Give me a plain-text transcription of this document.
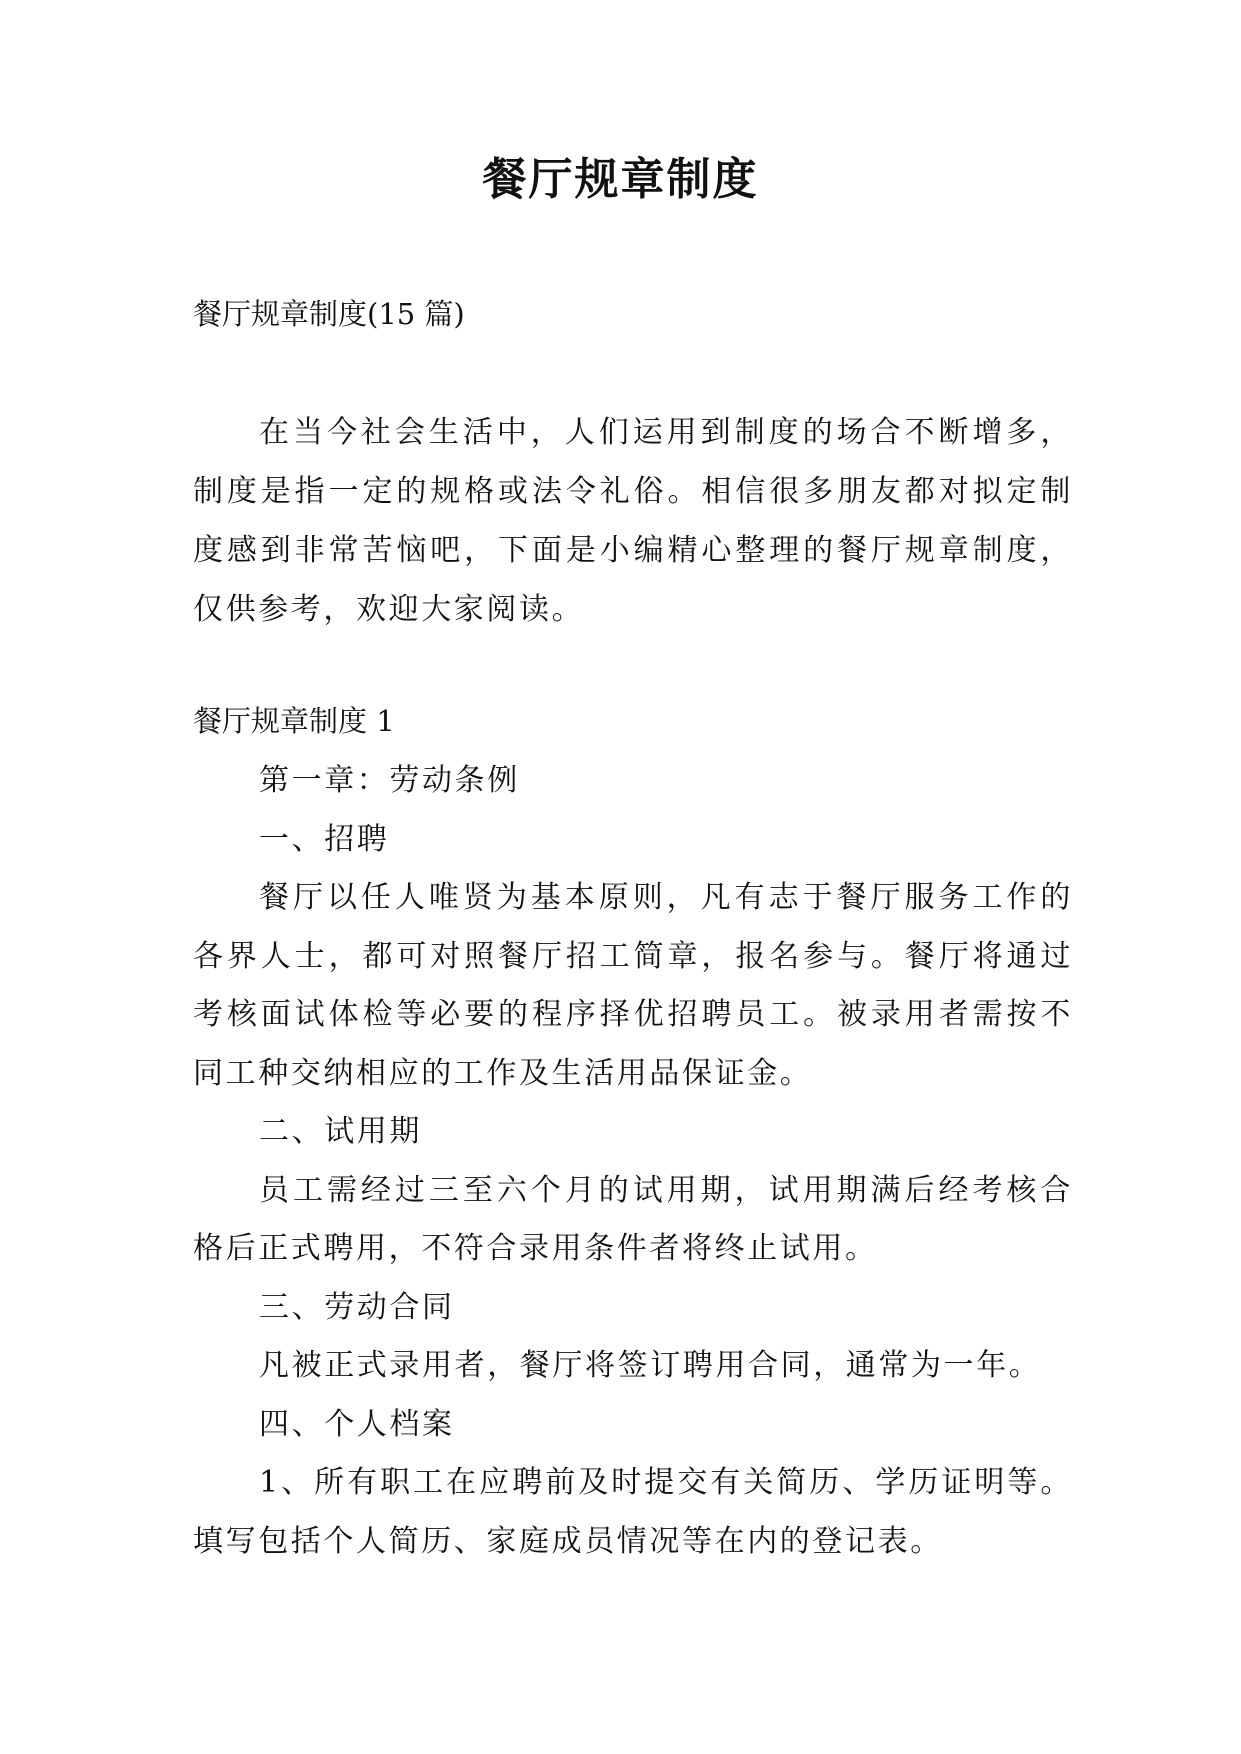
餐厅规章制度

餐厅规章制度(15 篇)

在当今社会生活中，人们运用到制度的场合不断增多，制度是指一定的规格或法令礼俗。相信很多朋友都对拟定制度感到非常苦恼吧，下面是小编精心整理的餐厅规章制度，仅供参考，欢迎大家阅读。

餐厅规章制度 1

第一章：劳动条例

一、招聘

餐厅以任人唯贤为基本原则，凡有志于餐厅服务工作的各界人士，都可对照餐厅招工简章，报名参与。餐厅将通过考核面试体检等必要的程序择优招聘员工。被录用者需按不同工种交纳相应的工作及生活用品保证金。

二、试用期

员工需经过三至六个月的试用期，试用期满后经考核合格后正式聘用，不符合录用条件者将终止试用。

三、劳动合同

凡被正式录用者，餐厅将签订聘用合同，通常为一年。

四、个人档案

1、所有职工在应聘前及时提交有关简历、学历证明等。填写包括个人简历、家庭成员情况等在内的登记表。
